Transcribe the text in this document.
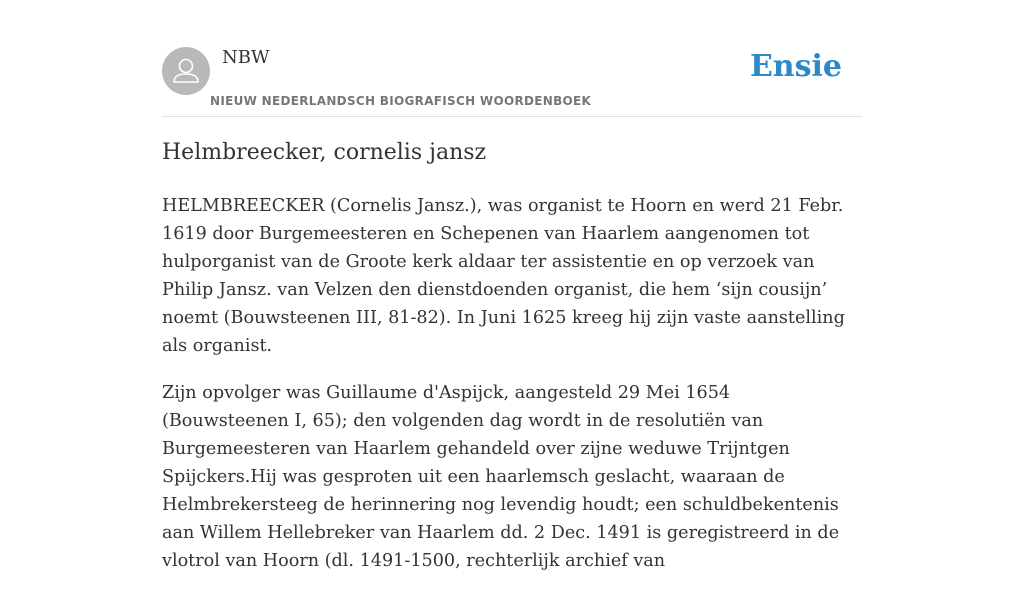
NBW
NIEUW NEDERLANDSCH BIOGRAFISCH WOORDENBOEK
Ensie
Helmbreecker, cornelis jansz

HELMBREECKER (Cornelis Jansz.), was organist te Hoorn en werd 21 Febr. 1619 door Burgemeesteren en Schepenen van Haarlem aangenomen tot hulporganist van de Groote kerk aldaar ter assistentie en op verzoek van Philip Jansz. van Velzen den dienstdoenden organist, die hem ‘sijn cousijn’ noemt (Bouwsteenen III, 81-82). In Juni 1625 kreeg hij zijn vaste aanstelling als organist.

Zijn opvolger was Guillaume d'Aspijck, aangesteld 29 Mei 1654 (Bouwsteenen I, 65); den volgenden dag wordt in de resolutiën van Burgemeesteren van Haarlem gehandeld over zijne weduwe Trijntgen Spijckers.Hij was gesproten uit een haarlemsch geslacht, waaraan de Helmbrekersteeg de herinnering nog levendig houdt; een schuldbekentenis aan Willem Hellebreker van Haarlem dd. 2 Dec. 1491 is geregistreerd in de vlotrol van Hoorn (dl. 1491-1500, rechterlijk archief van
